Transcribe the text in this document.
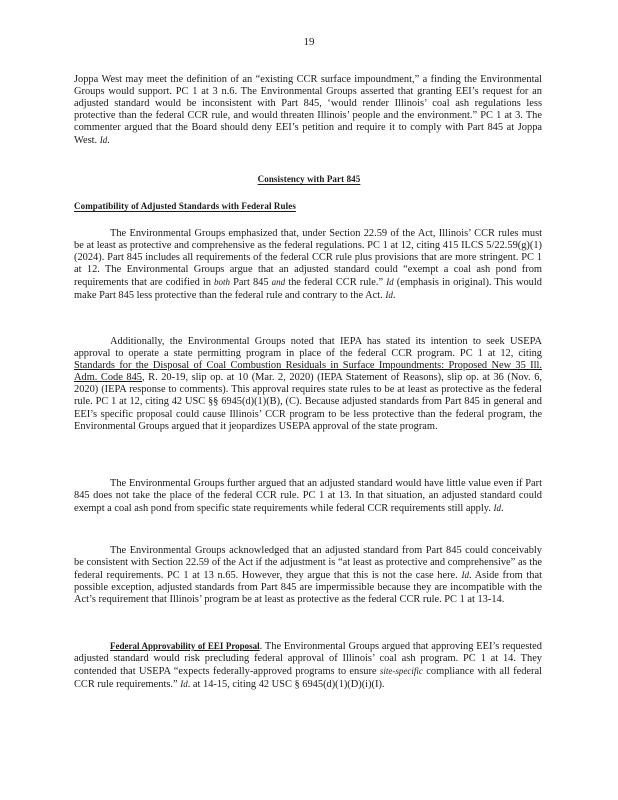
19

Joppa West may meet the definition of an “existing CCR surface impoundment,” a finding the Environmental Groups would support. PC 1 at 3 n.6. The Environmental Groups asserted that granting EEI’s request for an adjusted standard would be inconsistent with Part 845, ‘would render Illinois’ coal ash regulations less protective than the federal CCR rule, and would threaten Illinois’ people and the environment.” PC 1 at 3. The commenter argued that the Board should deny EEI’s petition and require it to comply with Part 845 at Joppa West. Id.

Consistency with Part 845
Compatibility of Adjusted Standards with Federal Rules

The Environmental Groups emphasized that, under Section 22.59 of the Act, Illinois’ CCR rules must be at least as protective and comprehensive as the federal regulations. PC 1 at 12, citing 415 ILCS 5/22.59(g)(1) (2024). Part 845 includes all requirements of the federal CCR rule plus provisions that are more stringent. PC 1 at 12. The Environmental Groups argue that an adjusted standard could “exempt a coal ash pond from requirements that are codified in both Part 845 and the federal CCR rule.” Id (emphasis in original). This would make Part 845 less protective than the federal rule and contrary to the Act. Id.

Additionally, the Environmental Groups noted that IEPA has stated its intention to seek USEPA approval to operate a state permitting program in place of the federal CCR program. PC 1 at 12, citing Standards for the Disposal of Coal Combustion Residuals in Surface Impoundments: Proposed New 35 Ill. Adm. Code 845, R. 20-19, slip op. at 10 (Mar. 2, 2020) (IEPA Statement of Reasons), slip op. at 36 (Nov. 6, 2020) (IEPA response to comments). This approval requires state rules to be at least as protective as the federal rule. PC 1 at 12, citing 42 USC §§ 6945(d)(1)(B), (C). Because adjusted standards from Part 845 in general and EEI’s specific proposal could cause Illinois’ CCR program to be less protective than the federal program, the Environmental Groups argued that it jeopardizes USEPA approval of the state program.

The Environmental Groups further argued that an adjusted standard would have little value even if Part 845 does not take the place of the federal CCR rule. PC 1 at 13. In that situation, an adjusted standard could exempt a coal ash pond from specific state requirements while federal CCR requirements still apply. Id.

The Environmental Groups acknowledged that an adjusted standard from Part 845 could conceivably be consistent with Section 22.59 of the Act if the adjustment is “at least as protective and comprehensive” as the federal requirements. PC 1 at 13 n.65. However, they argue that this is not the case here. Id. Aside from that possible exception, adjusted standards from Part 845 are impermissible because they are incompatible with the Act’s requirement that Illinois’ program be at least as protective as the federal CCR rule. PC 1 at 13-14.

Federal Approvability of EEI Proposal. The Environmental Groups argued that approving EEI’s requested adjusted standard would risk precluding federal approval of Illinois’ coal ash program. PC 1 at 14. They contended that USEPA “expects federally-approved programs to ensure site-specific compliance with all federal CCR rule requirements.” Id. at 14-15, citing 42 USC § 6945(d)(1)(D)(i)(I).
